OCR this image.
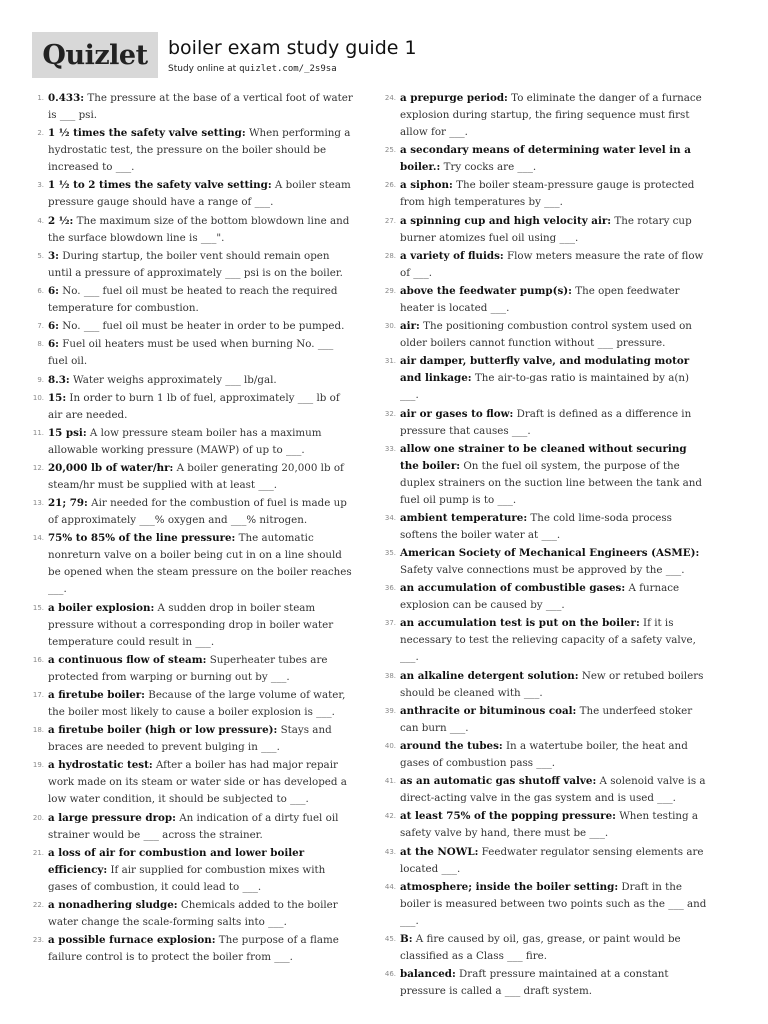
Quizlet boiler exam study guide 1
Study online at quizlet.com/_2s9sa
1. 0.433: The pressure at the base of a vertical foot of water is ___ psi.
2. 1 ½ times the safety valve setting: When performing a hydrostatic test, the pressure on the boiler should be increased to ___.
3. 1 ½ to 2 times the safety valve setting: A boiler steam pressure gauge should have a range of ___.
4. 2 ½: The maximum size of the bottom blowdown line and the surface blowdown line is ___".
5. 3: During startup, the boiler vent should remain open until a pressure of approximately ___ psi is on the boiler.
6. 6: No. ___ fuel oil must be heated to reach the required temperature for combustion.
7. 6: No. ___ fuel oil must be heater in order to be pumped.
8. 6: Fuel oil heaters must be used when burning No. ___ fuel oil.
9. 8.3: Water weighs approximately ___ lb/gal.
10. 15: In order to burn 1 lb of fuel, approximately ___ lb of air are needed.
11. 15 psi: A low pressure steam boiler has a maximum allowable working pressure (MAWP) of up to ___.
12. 20,000 lb of water/hr: A boiler generating 20,000 lb of steam/hr must be supplied with at least ___.
13. 21; 79: Air needed for the combustion of fuel is made up of approximately ___% oxygen and ___% nitrogen.
14. 75% to 85% of the line pressure: The automatic nonreturn valve on a boiler being cut in on a line should be opened when the steam pressure on the boiler reaches ___.
15. a boiler explosion: A sudden drop in boiler steam pressure without a corresponding drop in boiler water temperature could result in ___.
16. a continuous flow of steam: Superheater tubes are protected from warping or burning out by ___.
17. a firetube boiler: Because of the large volume of water, the boiler most likely to cause a boiler explosion is ___.
18. a firetube boiler (high or low pressure): Stays and braces are needed to prevent bulging in ___.
19. a hydrostatic test: After a boiler has had major repair work made on its steam or water side or has developed a low water condition, it should be subjected to ___.
20. a large pressure drop: An indication of a dirty fuel oil strainer would be ___ across the strainer.
21. a loss of air for combustion and lower boiler efficiency: If air supplied for combustion mixes with gases of combustion, it could lead to ___.
22. a nonadhering sludge: Chemicals added to the boiler water change the scale-forming salts into ___.
23. a possible furnace explosion: The purpose of a flame failure control is to protect the boiler from ___.
24. a prepurge period: To eliminate the danger of a furnace explosion during startup, the firing sequence must first allow for ___.
25. a secondary means of determining water level in a boiler.: Try cocks are ___.
26. a siphon: The boiler steam-pressure gauge is protected from high temperatures by ___.
27. a spinning cup and high velocity air: The rotary cup burner atomizes fuel oil using ___.
28. a variety of fluids: Flow meters measure the rate of flow of ___.
29. above the feedwater pump(s): The open feedwater heater is located ___.
30. air: The positioning combustion control system used on older boilers cannot function without ___ pressure.
31. air damper, butterfly valve, and modulating motor and linkage: The air-to-gas ratio is maintained by a(n) ___.
32. air or gases to flow: Draft is defined as a difference in pressure that causes ___.
33. allow one strainer to be cleaned without securing the boiler: On the fuel oil system, the purpose of the duplex strainers on the suction line between the tank and fuel oil pump is to ___.
34. ambient temperature: The cold lime-soda process softens the boiler water at ___.
35. American Society of Mechanical Engineers (ASME): Safety valve connections must be approved by the ___.
36. an accumulation of combustible gases: A furnace explosion can be caused by ___.
37. an accumulation test is put on the boiler: If it is necessary to test the relieving capacity of a safety valve, ___.
38. an alkaline detergent solution: New or retubed boilers should be cleaned with ___.
39. anthracite or bituminous coal: The underfeed stoker can burn ___.
40. around the tubes: In a watertube boiler, the heat and gases of combustion pass ___.
41. as an automatic gas shutoff valve: A solenoid valve is a direct-acting valve in the gas system and is used ___.
42. at least 75% of the popping pressure: When testing a safety valve by hand, there must be ___.
43. at the NOWL: Feedwater regulator sensing elements are located ___.
44. atmosphere; inside the boiler setting: Draft in the boiler is measured between two points such as the ___ and ___.
45. B: A fire caused by oil, gas, grease, or paint would be classified as a Class ___ fire.
46. balanced: Draft pressure maintained at a constant pressure is called a ___ draft system.
